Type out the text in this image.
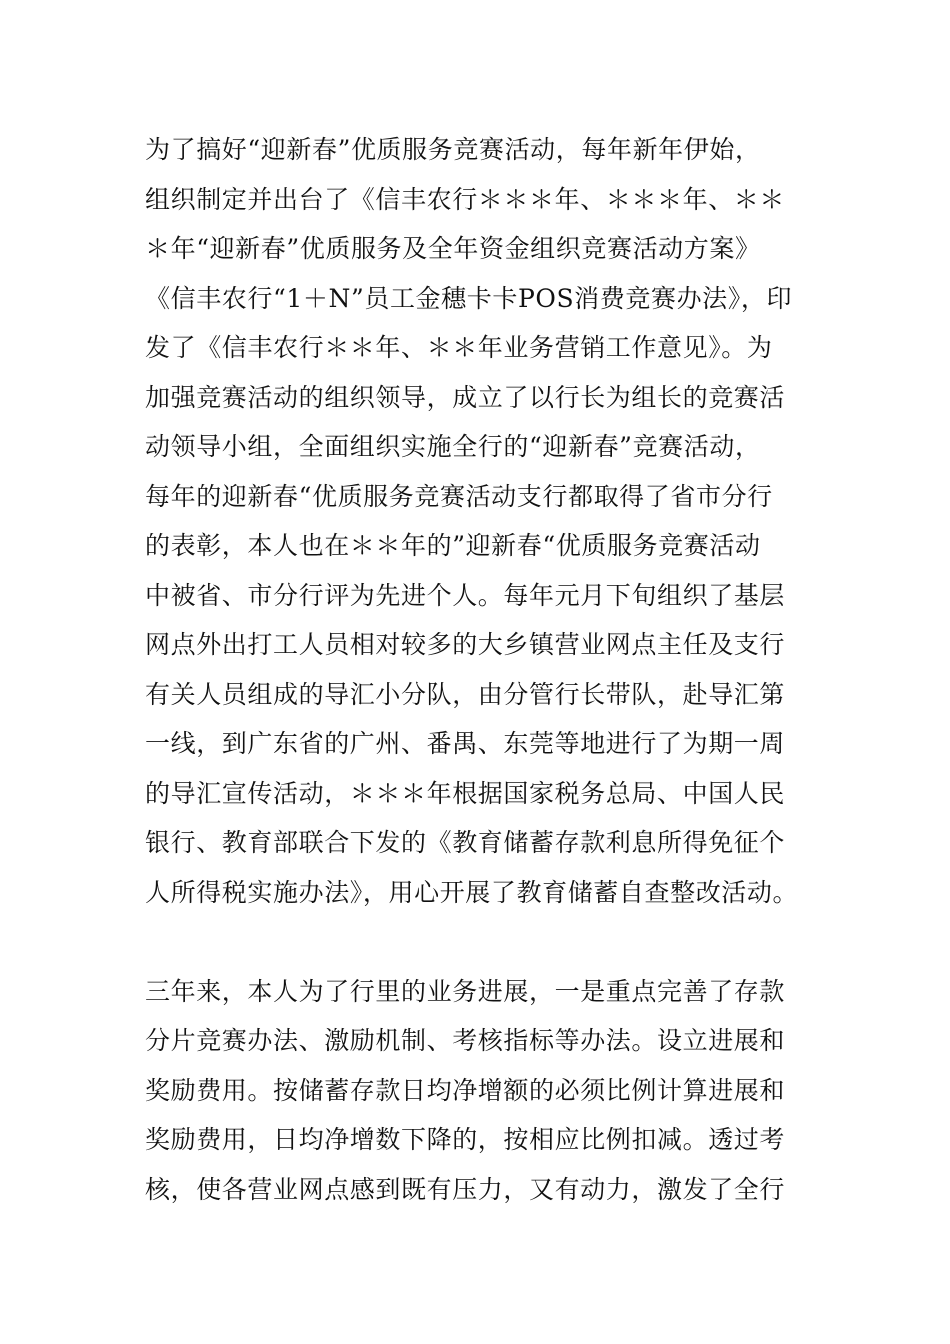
为了搞好“迎新春”优质服务竞赛活动，每年新年伊始，
组织制定并出台了《信丰农行＊＊＊年、＊＊＊年、＊＊
＊年“迎新春”优质服务及全年资金组织竞赛活动方案》
《信丰农行“1＋N”员工金穗卡卡POS消费竞赛办法》，印
发了《信丰农行＊＊年、＊＊年业务营销工作意见》。为
加强竞赛活动的组织领导，成立了以行长为组长的竞赛活
动领导小组，全面组织实施全行的“迎新春”竞赛活动，
每年的迎新春“优质服务竞赛活动支行都取得了省市分行
的表彰，本人也在＊＊年的”迎新春“优质服务竞赛活动
中被省、市分行评为先进个人。每年元月下旬组织了基层
网点外出打工人员相对较多的大乡镇营业网点主任及支行
有关人员组成的导汇小分队，由分管行长带队，赴导汇第
一线，到广东省的广州、番禺、东莞等地进行了为期一周
的导汇宣传活动，＊＊＊年根据国家税务总局、中国人民
银行、教育部联合下发的《教育储蓄存款利息所得免征个
人所得税实施办法》，用心开展了教育储蓄自查整改活动。
三年来，本人为了行里的业务进展，一是重点完善了存款
分片竞赛办法、激励机制、考核指标等办法。设立进展和
奖励费用。按储蓄存款日均净增额的必须比例计算进展和
奖励费用，日均净增数下降的，按相应比例扣减。透过考
核，使各营业网点感到既有压力，又有动力，激发了全行
